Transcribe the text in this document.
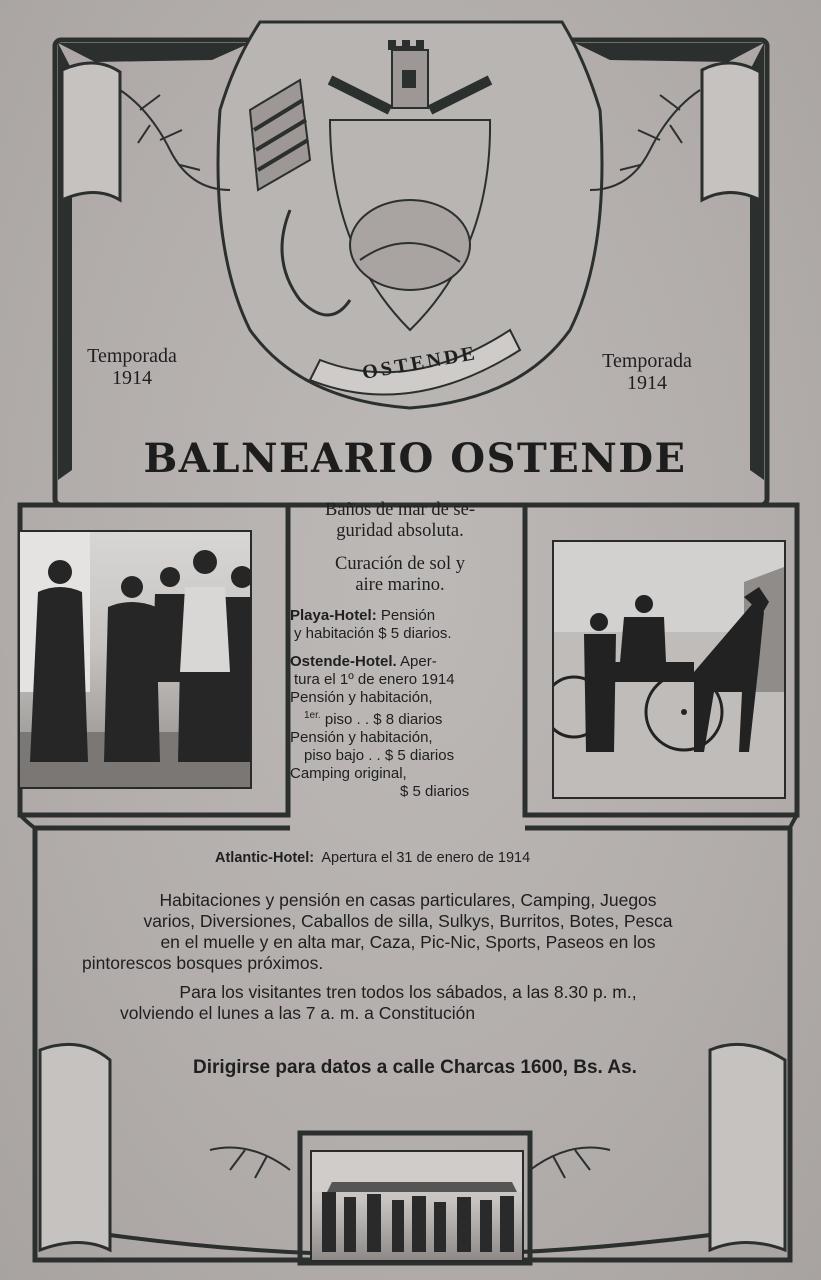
OSTENDE
Temporada
1914
Temporada
1914
BALNEARIO OSTENDE
Baños de mar de se-
guridad absoluta.
Curación de sol y
aire marino.
Playa-Hotel: Pensión
y habitación $ 5 diarios.
Ostende-Hotel. Aper-
tura el 1º de enero 1914
Pensión y habitación,
$^{1er.}$ piso . . $ 8 diarios
Pensión y habitación,
piso bajo . . $ 5 diarios
Camping original,
$ 5 diarios
Atlantic-Hotel: Apertura el 31 de enero de 1914
Habitaciones y pensión en casas particulares, Camping, Juegos
varios, Diversiones, Caballos de silla, Sulkys, Burritos, Botes, Pesca
en el muelle y en alta mar, Caza, Pic-Nic, Sports, Paseos en los
pintorescos bosques próximos.
Para los visitantes tren todos los sábados, a las 8.30 p. m.,
volviendo el lunes a las 7 a. m. a Constitución
Dirigirse para datos a calle Charcas 1600, Bs. As.
